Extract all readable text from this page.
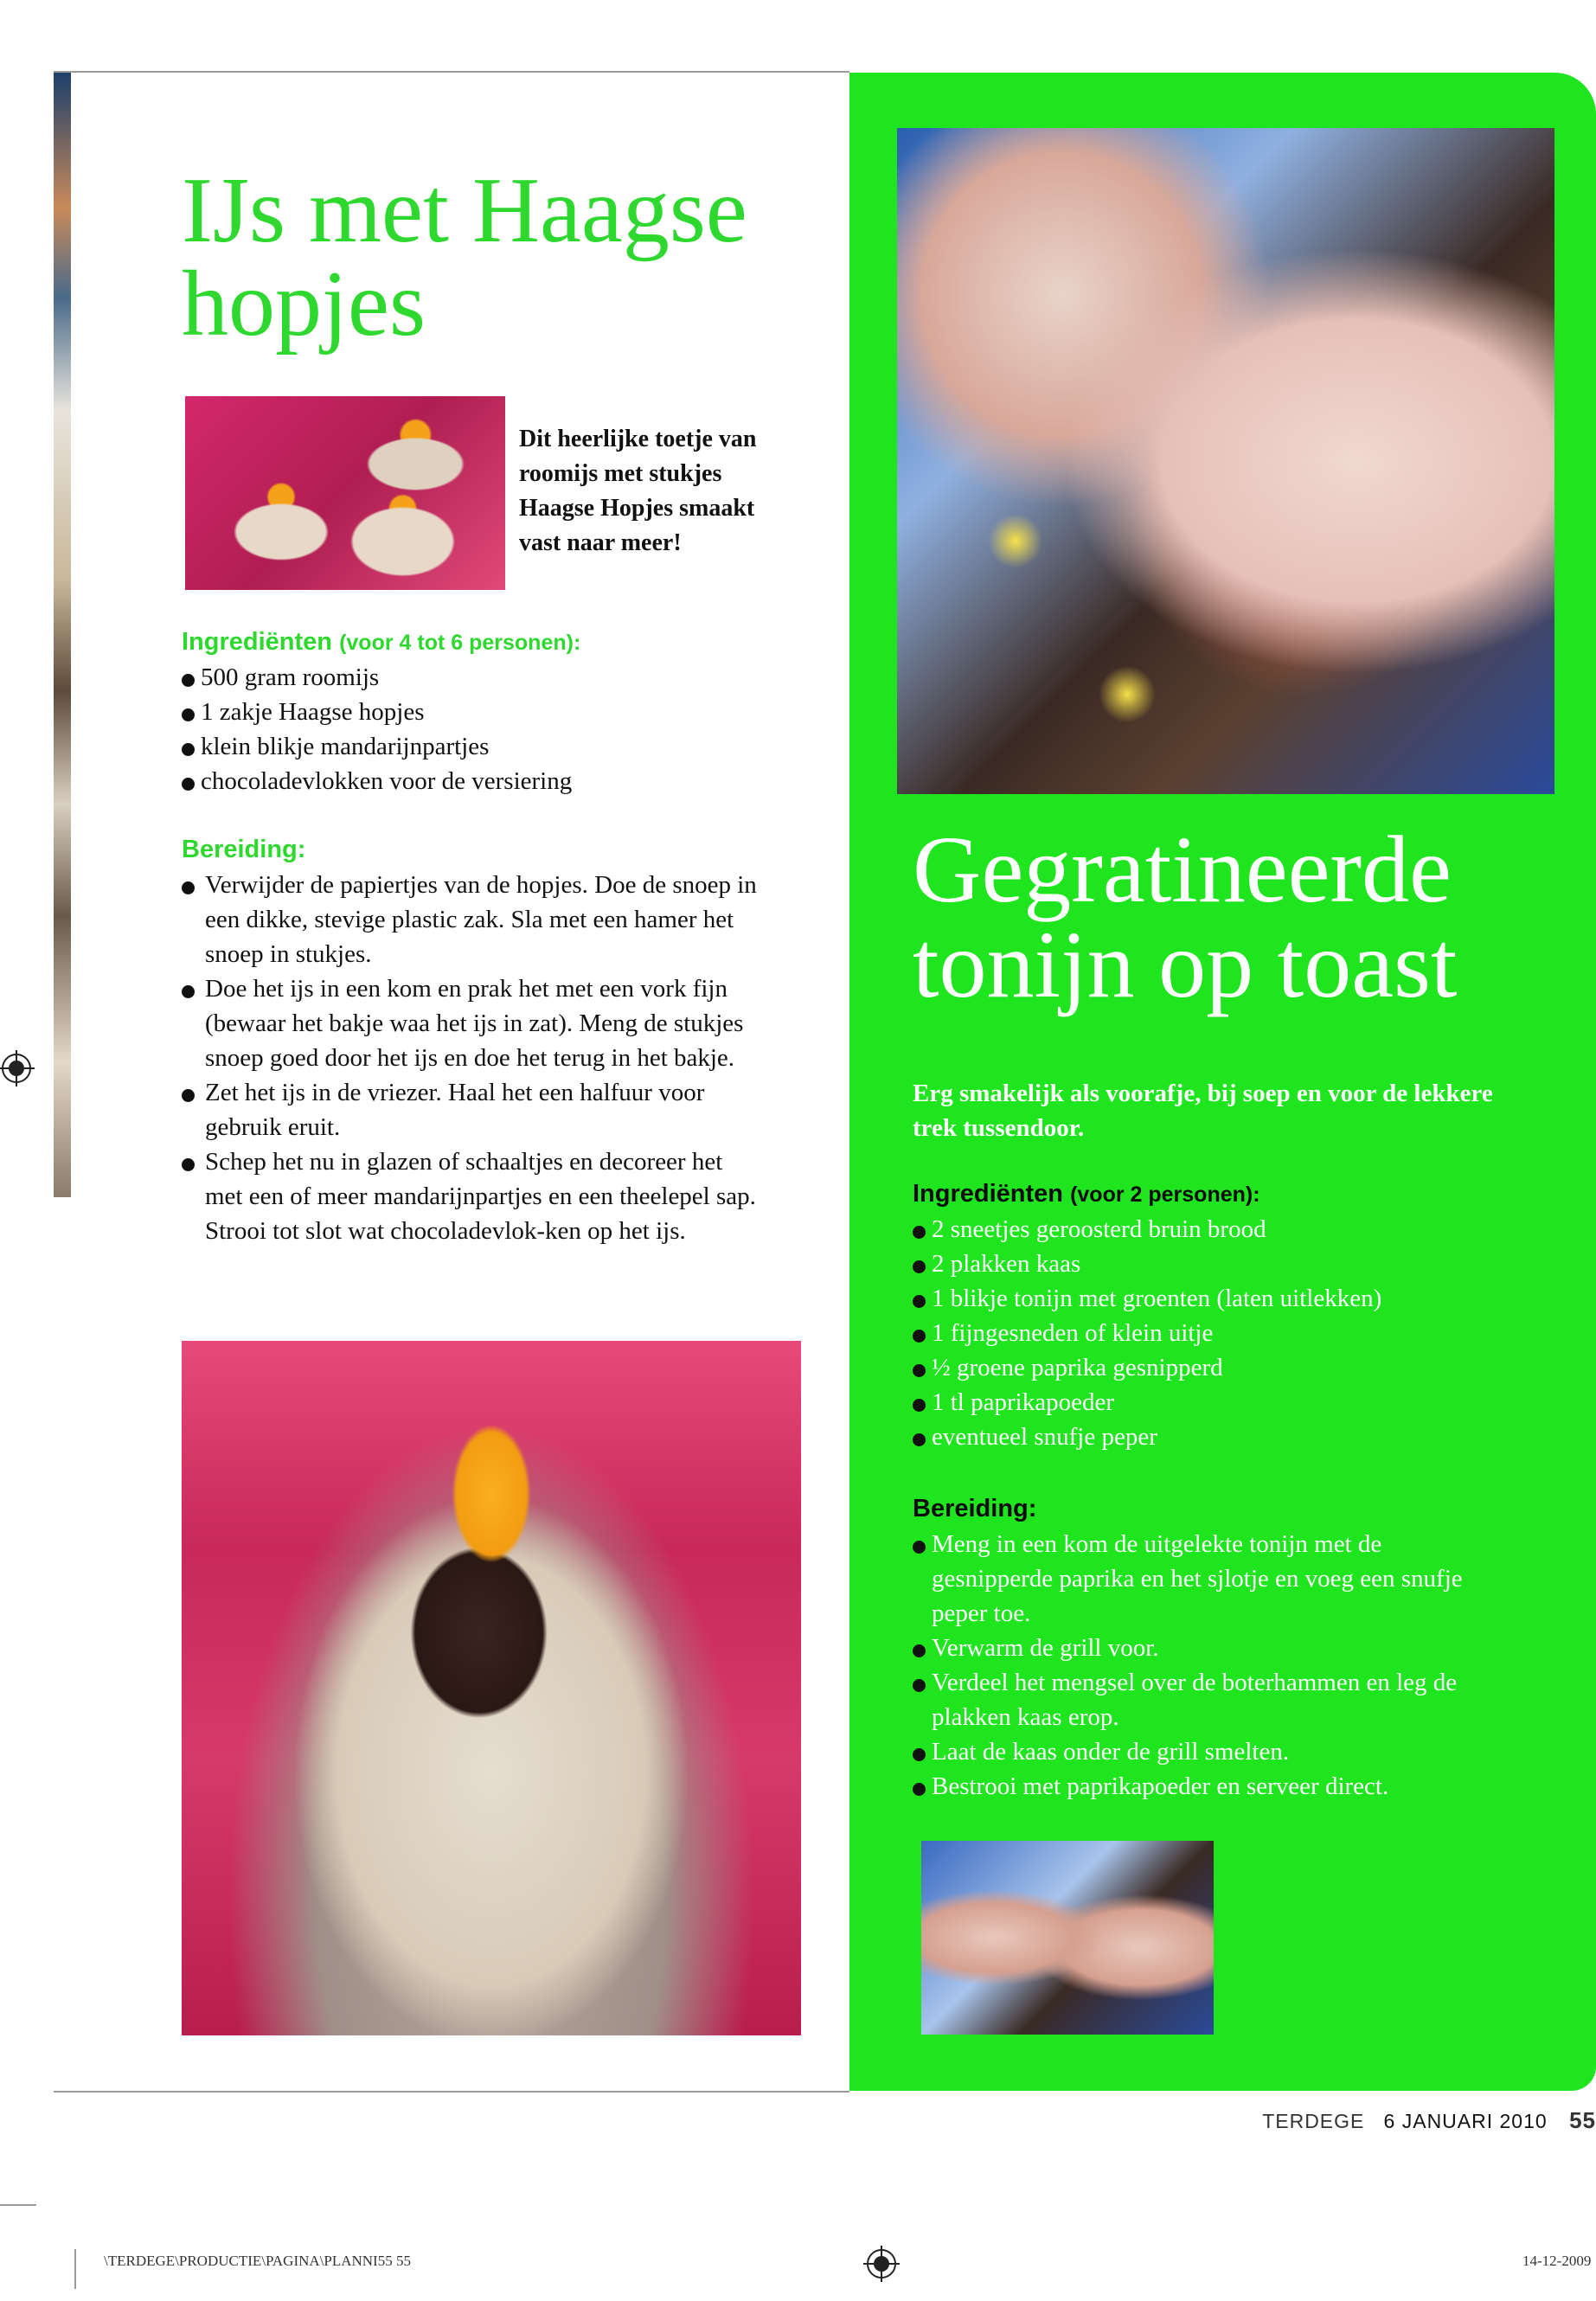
IJs met Haagse hopjes
Dit heerlijke toetje van roomijs met stukjes Haagse Hopjes smaakt vast naar meer!
Ingrediënten (voor 4 tot 6 personen):
500 gram roomijs
1 zakje Haagse hopjes
klein blikje mandarijnpartjes
chocoladevlokken voor de versiering
Bereiding:
Verwijder de papiertjes van de hopjes. Doe de snoep in een dikke, stevige plastic zak. Sla met een hamer het snoep in stukjes.
Doe het ijs in een kom en prak het met een vork fijn (bewaar het bakje waa het ijs in zat). Meng de stukjes snoep goed door het ijs en doe het terug in het bakje.
Zet het ijs in de vriezer. Haal het een halfuur voor gebruik eruit.
Schep het nu in glazen of schaaltjes en decoreer het met een of meer mandarijnpartjes en een theelepel sap. Strooi tot slot wat chocoladevlok-ken op het ijs.
Gegratineerde tonijn op toast
Erg smakelijk als voorafje, bij soep en voor de lekkere trek tussendoor.
Ingrediënten (voor 2 personen):
2 sneetjes geroosterd bruin brood
2 plakken kaas
1 blikje tonijn met groenten (laten uitlekken)
1 fijngesneden of klein uitje
½ groene paprika gesnipperd
1 tl paprikapoeder
eventueel snufje peper
Bereiding:
Meng in een kom de uitgelekte tonijn met de gesnipperde paprika en het sjlotje en voeg een snufje peper toe.
Verwarm de grill voor.
Verdeel het mengsel over de boterhammen en leg de plakken kaas erop.
Laat de kaas onder de grill smelten.
Bestrooi met paprikapoeder en serveer direct.
TERDEGE 6 JANUARI 2010 55
\TERDEGE\PRODUCTIE\PAGINA\PLANNI55 55	14-12-2009
